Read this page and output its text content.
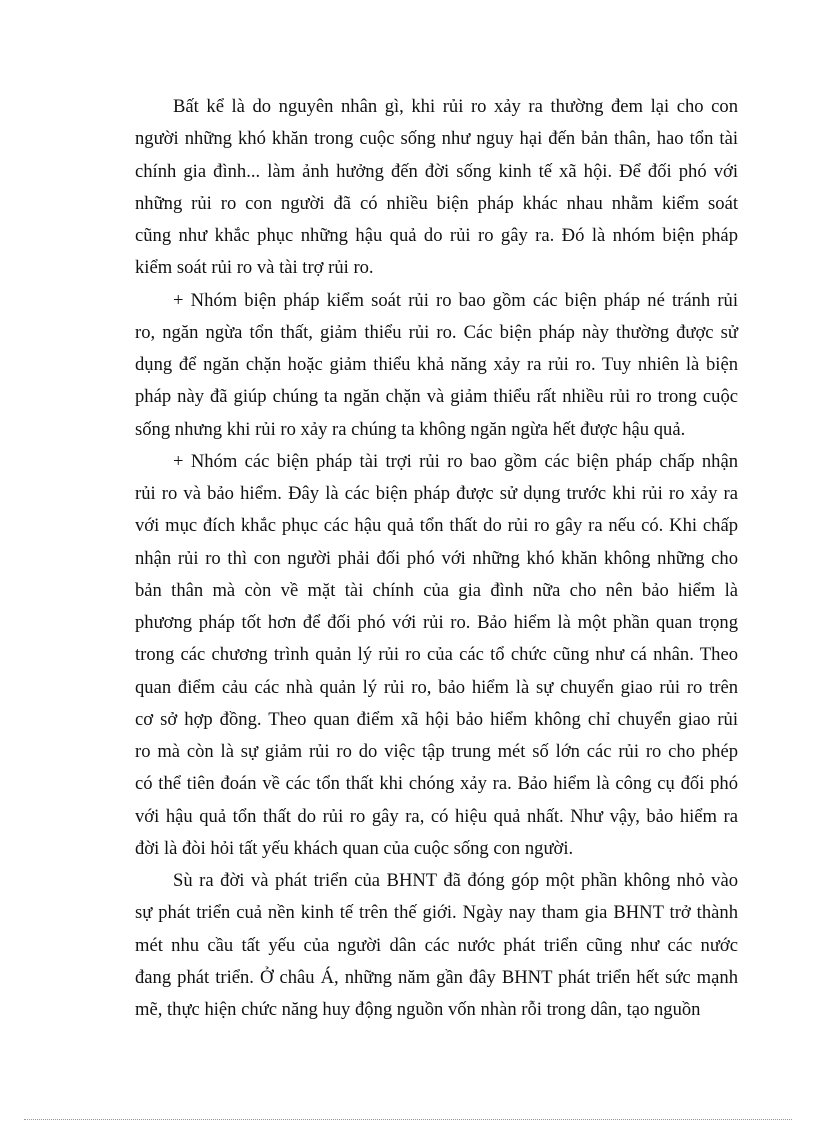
Bất kể là do nguyên nhân gì, khi rủi ro xảy ra thường đem lại cho con
người những khó khăn trong cuộc sống như nguy hại đến bản thân, hao tổn tài
chính gia đình... làm ảnh hưởng đến đời sống kinh tế xã hội. Để đối phó với
những rủi ro con người đã có nhiều biện pháp khác nhau nhằm kiểm soát
cũng như khắc phục những hậu quả do rủi ro gây ra. Đó là nhóm biện pháp
kiểm soát rủi ro và tài trợ rủi ro.
+ Nhóm biện pháp kiểm soát rủi ro bao gồm các biện pháp né tránh rủi
ro, ngăn ngừa tổn thất, giảm thiểu rủi ro. Các biện pháp này thường được sử
dụng để ngăn chặn hoặc giảm thiểu khả năng xảy ra rủi ro. Tuy nhiên là biện
pháp này đã giúp chúng ta ngăn chặn và giảm thiểu rất nhiều rủi ro trong cuộc
sống nhưng khi rủi ro xảy ra chúng ta không ngăn ngừa hết được hậu quả.
+ Nhóm các biện pháp tài trợi rủi ro bao gồm các biện pháp chấp nhận
rủi ro và bảo hiểm. Đây là các biện pháp được sử dụng trước khi rủi ro xảy ra
với mục đích khắc phục các hậu quả tổn thất do rủi ro gây ra nếu có. Khi chấp
nhận rủi ro thì con người phải đối phó với những khó khăn không những cho
bản thân mà còn về mặt tài chính của gia đình nữa cho nên bảo hiểm là
phương pháp tốt hơn để đối phó với rủi ro. Bảo hiểm là một phần quan trọng
trong các chương trình quản lý rủi ro của các tổ chức cũng như cá nhân. Theo
quan điểm cảu các nhà quản lý rủi ro, bảo hiểm là sự chuyển giao rủi ro trên
cơ sở hợp đồng. Theo quan điểm xã hội bảo hiểm không chỉ chuyển giao rủi
ro mà còn là sự giảm rủi ro do việc tập trung mét số lớn các rủi ro cho phép
có thể tiên đoán về các tổn thất khi chóng xảy ra. Bảo hiểm là công cụ đối phó
với hậu quả tổn thất do rủi ro gây ra, có hiệu quả nhất. Như vậy, bảo hiểm ra
đời là đòi hỏi tất yếu khách quan của cuộc sống con người.
Sù ra đời và phát triển của BHNT đã đóng góp một phần không nhỏ vào
sự phát triển cuả nền kinh tế trên thế giới. Ngày nay tham gia BHNT trở thành
mét nhu cầu tất yếu của người dân các nước phát triển cũng như các nước
đang phát triển. Ở châu Á, những năm gần đây BHNT phát triển hết sức mạnh
mẽ, thực hiện chức năng huy động nguồn vốn nhàn rỗi trong dân, tạo nguồn
